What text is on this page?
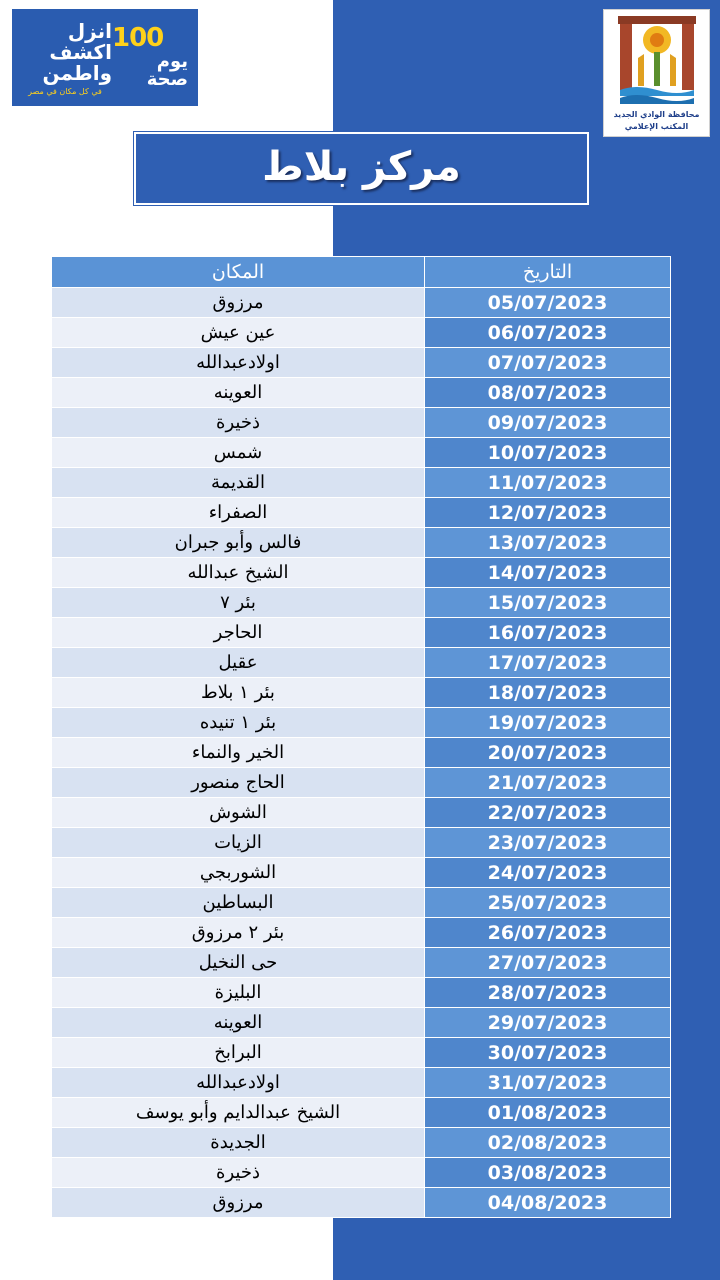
انزل
اكشف
واطمن
100
يوم
صحة
في كل مكان في مصر
محافظة الوادي الجديد
المكتب الإعلامي
مركز بلاط
المكان	التاريخ
مرزوق	05/07/2023
عين عيش	06/07/2023
اولادعبدالله	07/07/2023
العوينه	08/07/2023
ذخيرة	09/07/2023
شمس	10/07/2023
القديمة	11/07/2023
الصفراء	12/07/2023
فالس وأبو جبران	13/07/2023
الشيخ عبدالله	14/07/2023
بئر ٧	15/07/2023
الحاجر	16/07/2023
عقيل	17/07/2023
بئر ١ بلاط	18/07/2023
بئر ١ تنيده	19/07/2023
الخير والنماء	20/07/2023
الحاج منصور	21/07/2023
الشوش	22/07/2023
الزيات	23/07/2023
الشوربجي	24/07/2023
البساطين	25/07/2023
بئر ٢ مرزوق	26/07/2023
حى النخيل	27/07/2023
البليزة	28/07/2023
العوينه	29/07/2023
البرابخ	30/07/2023
اولادعبدالله	31/07/2023
الشيخ عبدالدايم وأبو يوسف	01/08/2023
الجديدة	02/08/2023
ذخيرة	03/08/2023
مرزوق	04/08/2023
